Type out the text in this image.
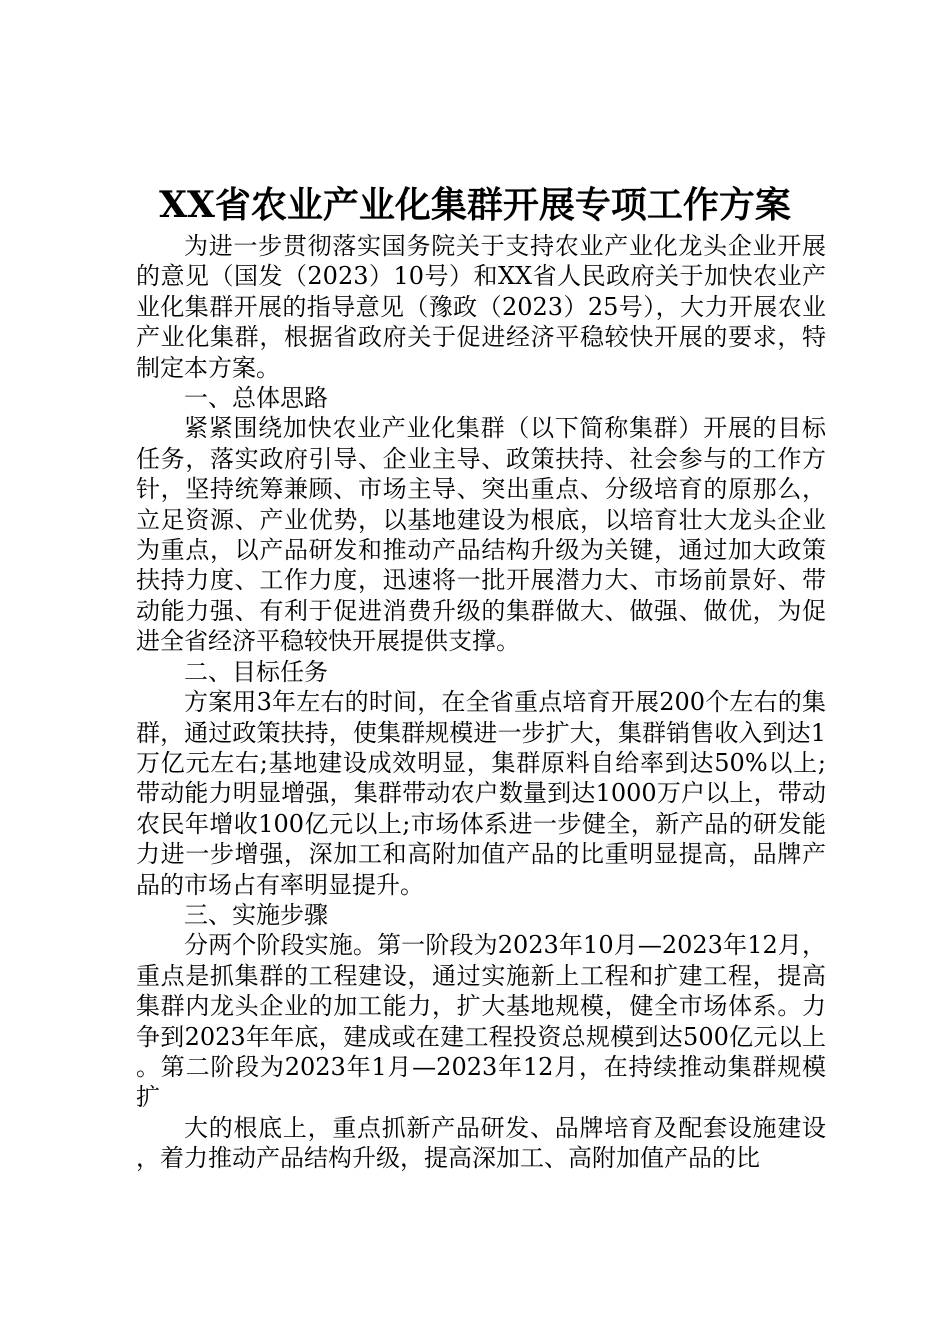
XX省农业产业化集群开展专项工作方案

为进一步贯彻落实国务院关于支持农业产业化龙头企业开展的意见（国发（2023）10号）和XX省人民政府关于加快农业产业化集群开展的指导意见（豫政（2023）25号），大力开展农业产业化集群，根据省政府关于促进经济平稳较快开展的要求，特制定本方案。

一、总体思路

紧紧围绕加快农业产业化集群（以下简称集群）开展的目标任务，落实政府引导、企业主导、政策扶持、社会参与的工作方针，坚持统筹兼顾、市场主导、突出重点、分级培育的原那么，立足资源、产业优势，以基地建设为根底，以培育壮大龙头企业为重点，以产品研发和推动产品结构升级为关键，通过加大政策扶持力度、工作力度，迅速将一批开展潜力大、市场前景好、带动能力强、有利于促进消费升级的集群做大、做强、做优，为促进全省经济平稳较快开展提供支撑。

二、目标任务

方案用3年左右的时间，在全省重点培育开展200个左右的集群，通过政策扶持，使集群规模进一步扩大，集群销售收入到达1万亿元左右;基地建设成效明显，集群原料自给率到达50%以上;带动能力明显增强，集群带动农户数量到达1000万户以上，带动农民年增收100亿元以上;市场体系进一步健全，新产品的研发能力进一步增强，深加工和高附加值产品的比重明显提高，品牌产品的市场占有率明显提升。

三、实施步骤

分两个阶段实施。第一阶段为2023年10月—2023年12月，重点是抓集群的工程建设，通过实施新上工程和扩建工程，提高集群内龙头企业的加工能力，扩大基地规模，健全市场体系。力争到2023年年底，建成或在建工程投资总规模到达500亿元以上。第二阶段为2023年1月—2023年12月，在持续推动集群规模扩

大的根底上，重点抓新产品研发、品牌培育及配套设施建设，着力推动产品结构升级，提高深加工、高附加值产品的比
